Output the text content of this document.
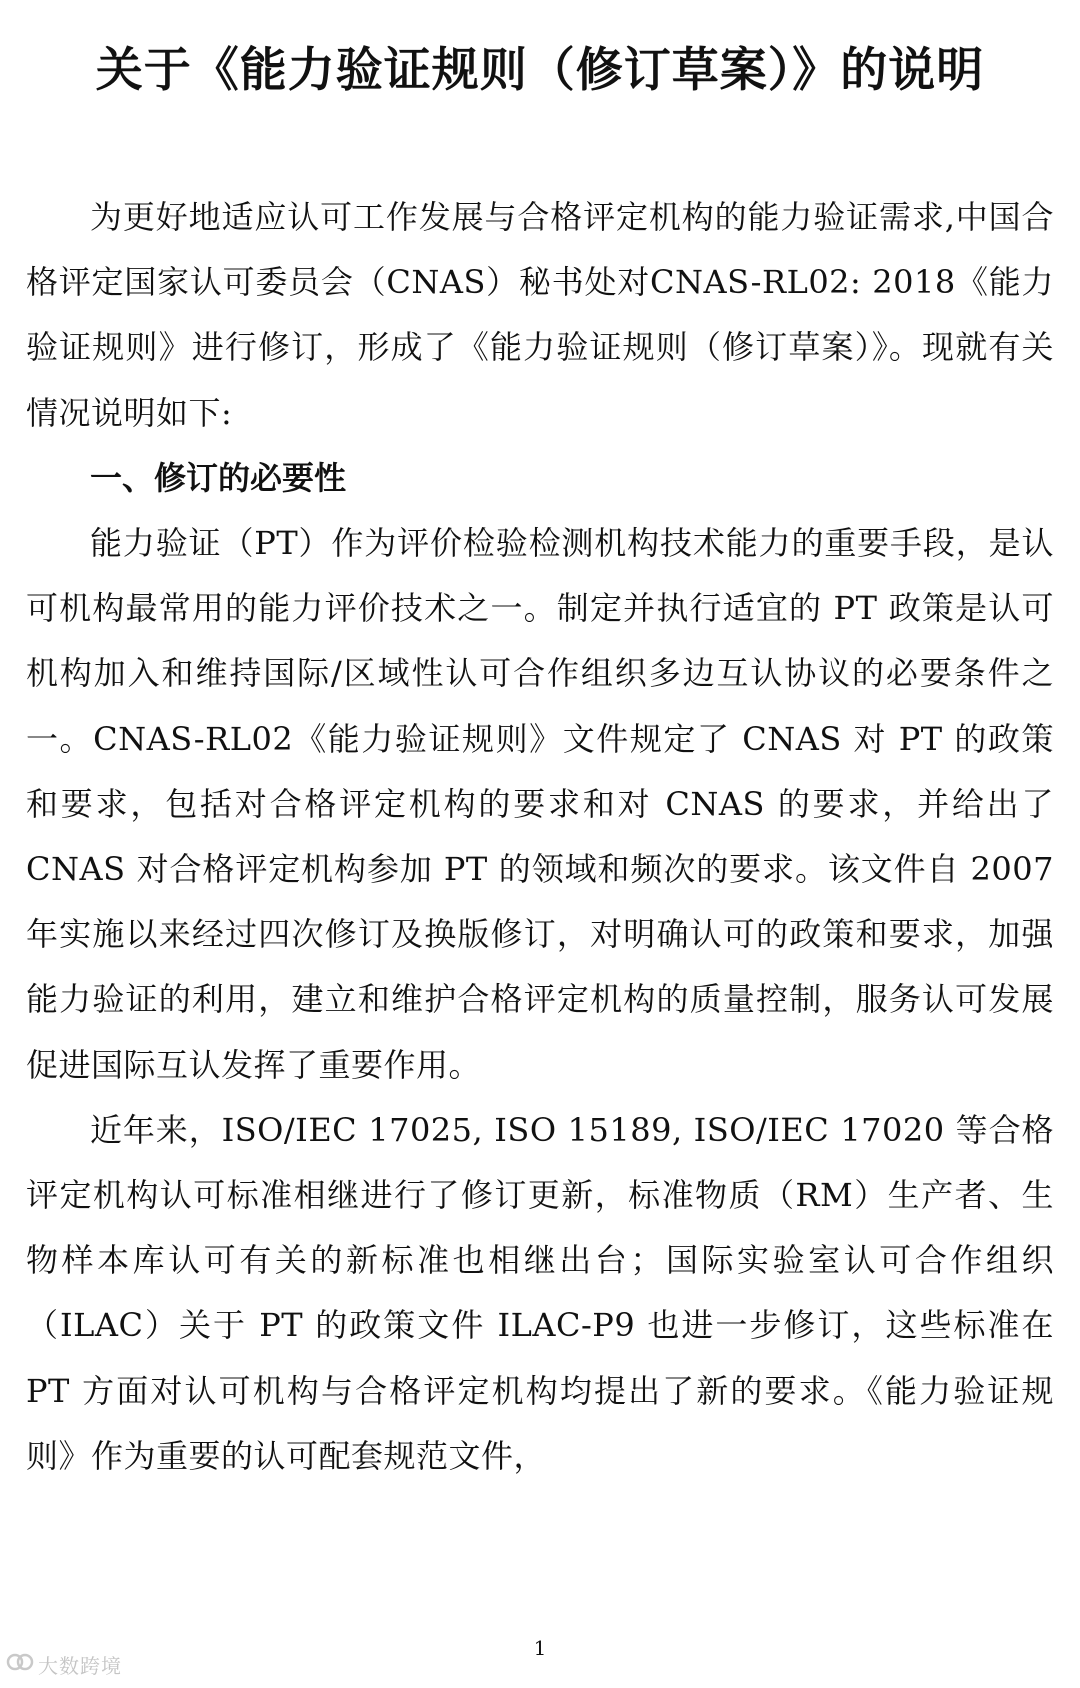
关于《能力验证规则（修订草案）》的说明

为更好地适应认可工作发展与合格评定机构的能力验证需求,中国合格评定国家认可委员会（CNAS）秘书处对CNAS-RL02: 2018《能力验证规则》进行修订，形成了《能力验证规则（修订草案）》。现就有关情况说明如下:

一、修订的必要性

能力验证（PT）作为评价检验检测机构技术能力的重要手段，是认可机构最常用的能力评价技术之一。制定并执行适宜的 PT 政策是认可机构加入和维持国际/区域性认可合作组织多边互认协议的必要条件之一。CNAS-RL02《能力验证规则》文件规定了 CNAS 对 PT 的政策和要求，包括对合格评定机构的要求和对 CNAS 的要求，并给出了 CNAS 对合格评定机构参加 PT 的领域和频次的要求。该文件自 2007 年实施以来经过四次修订及换版修订，对明确认可的政策和要求，加强能力验证的利用，建立和维护合格评定机构的质量控制，服务认可发展促进国际互认发挥了重要作用。

近年来，ISO/IEC 17025, ISO 15189, ISO/IEC 17020 等合格评定机构认可标准相继进行了修订更新，标准物质（RM）生产者、生物样本库认可有关的新标准也相继出台；国际实验室认可合作组织（ILAC）关于 PT 的政策文件 ILAC-P9 也进一步修订，这些标准在 PT 方面对认可机构与合格评定机构均提出了新的要求。《能力验证规则》作为重要的认可配套规范文件，

1
大数跨境
